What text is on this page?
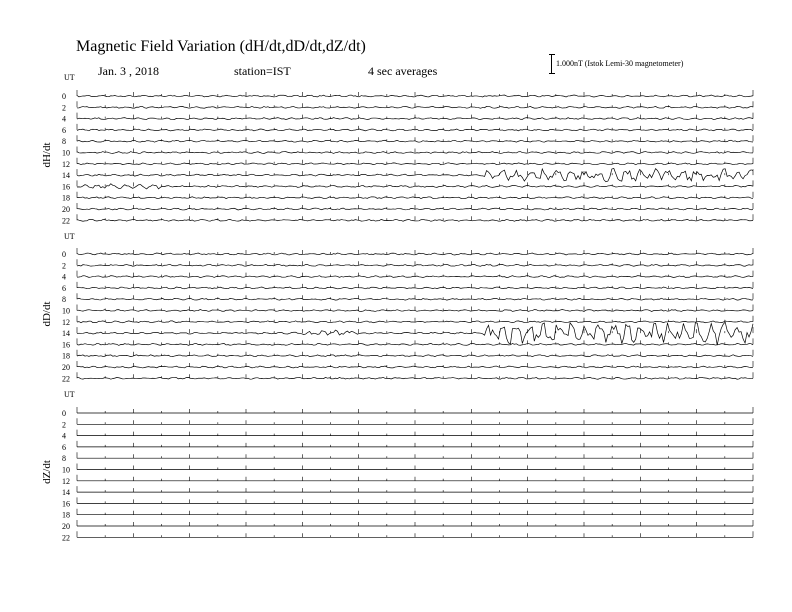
Magnetic Field Variation (dH/dt,dD/dt,dZ/dt)
Jan. 3 , 2018	station=IST	4 sec averages
1.000nT (Istok Lemi-30 magnetometer)
UT
dH/dt
0
2
4
6
8
10
12
14
16
18
20
22
UT
dD/dt
0
2
4
6
8
10
12
14
16
18
20
22
UT
dZ/dt
0
2
4
6
8
10
12
14
16
18
20
22
